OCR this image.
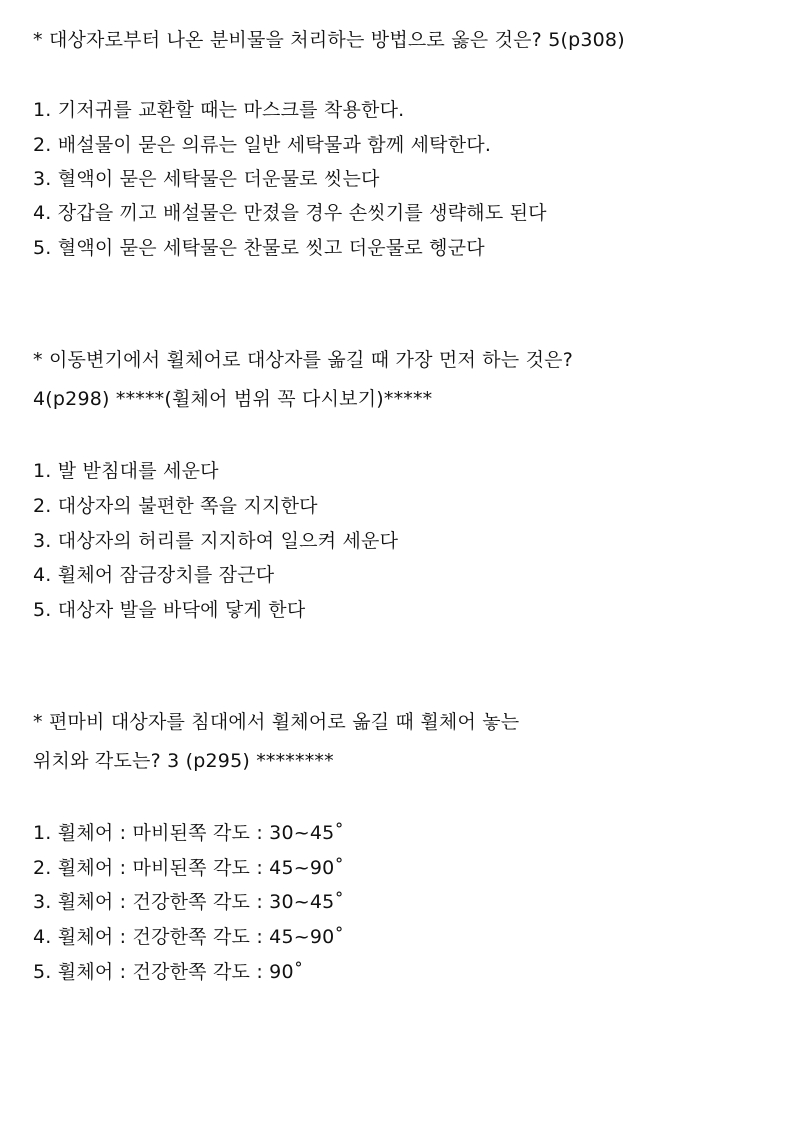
* 대상자로부터 나온 분비물을 처리하는 방법으로 옳은 것은? 5(p308)
1. 기저귀를 교환할 때는 마스크를 착용한다.
2. 배설물이 묻은 의류는 일반 세탁물과 함께 세탁한다.
3. 혈액이 묻은 세탁물은 더운물로 씻는다
4. 장갑을 끼고 배설물은 만졌을 경우 손씻기를 생략해도 된다
5. 혈액이 묻은 세탁물은 찬물로 씻고 더운물로 헹군다
* 이동변기에서 휠체어로 대상자를 옮길 때 가장 먼저 하는 것은?
4(p298) *****(휠체어 범위 꼭 다시보기)*****
1. 발 받침대를 세운다
2. 대상자의 불편한 쪽을 지지한다
3. 대상자의 허리를 지지하여 일으켜 세운다
4. 휠체어 잠금장치를 잠근다
5. 대상자 발을 바닥에 닿게 한다
* 편마비 대상자를 침대에서 휠체어로 옮길 때 휠체어 놓는
위치와 각도는? 3 (p295) ********
1. 휠체어 : 마비된쪽 각도 : 30~45˚
2. 휠체어 : 마비된쪽 각도 : 45~90˚
3. 휠체어 : 건강한쪽 각도 : 30~45˚
4. 휠체어 : 건강한쪽 각도 : 45~90˚
5. 휠체어 : 건강한쪽 각도 : 90˚
